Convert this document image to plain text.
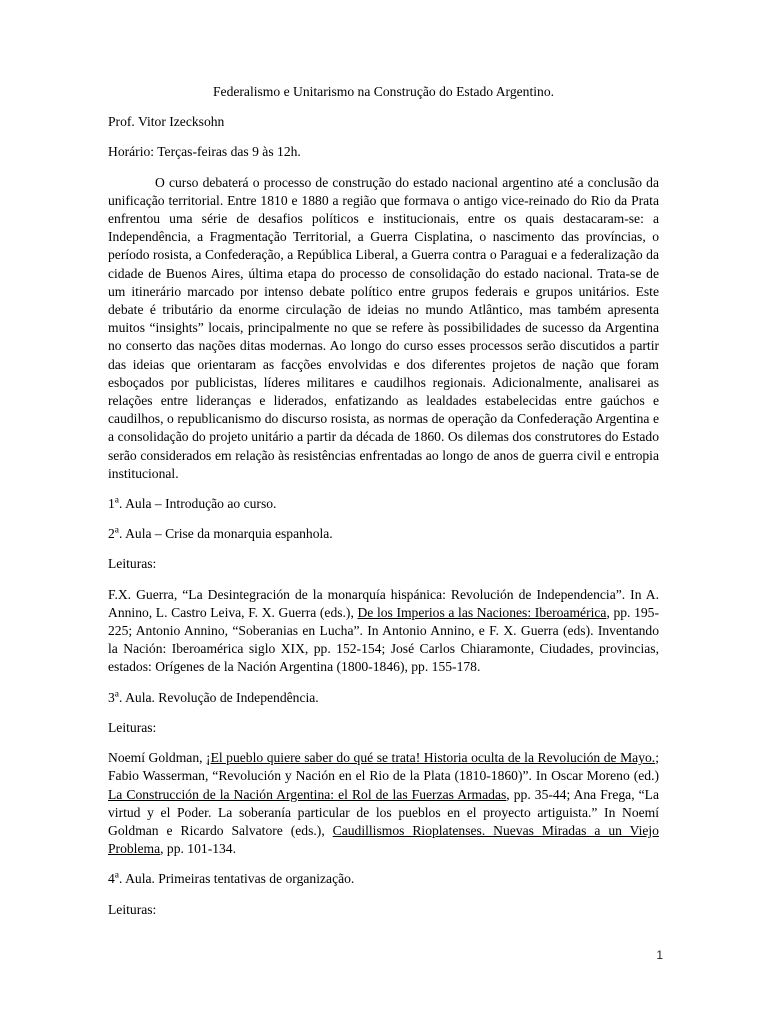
Federalismo e Unitarismo na Construção do Estado Argentino.

Prof. Vitor Izecksohn

Horário: Terças-feiras das 9 às 12h.

O curso debaterá o processo de construção do estado nacional argentino até a conclusão da unificação territorial. Entre 1810 e 1880 a região que formava o antigo vice-reinado do Rio da Prata enfrentou uma série de desafios políticos e institucionais, entre os quais destacaram-se: a Independência, a Fragmentação Territorial, a Guerra Cisplatina, o nascimento das províncias, o período rosista, a Confederação, a República Liberal, a Guerra contra o Paraguai e a federalização da cidade de Buenos Aires, última etapa do processo de consolidação do estado nacional. Trata-se de um itinerário marcado por intenso debate político entre grupos federais e grupos unitários. Este debate é tributário da enorme circulação de ideias no mundo Atlântico, mas também apresenta muitos “insights” locais, principalmente no que se refere às possibilidades de sucesso da Argentina no conserto das nações ditas modernas. Ao longo do curso esses processos serão discutidos a partir das ideias que orientaram as facções envolvidas e dos diferentes projetos de nação que foram esboçados por publicistas, líderes militares e caudilhos regionais. Adicionalmente, analisarei as relações entre lideranças e liderados, enfatizando as lealdades estabelecidas entre gaúchos e caudilhos, o republicanismo do discurso rosista, as normas de operação da Confederação Argentina e a consolidação do projeto unitário a partir da década de 1860. Os dilemas dos construtores do Estado serão considerados em relação às resistências enfrentadas ao longo de anos de guerra civil e entropia institucional.

1$^a$. Aula – Introdução ao curso.

2$^a$. Aula – Crise da monarquia espanhola.

Leituras:

F.X. Guerra, “La Desintegración de la monarquía hispánica: Revolución de Independencia”. In A. Annino, L. Castro Leiva, F. X. Guerra (eds.), De los Imperios a las Naciones: Iberoamérica, pp. 195-225; Antonio Annino, “Soberanias en Lucha”. In Antonio Annino, e F. X. Guerra (eds). Inventando la Nación: Iberoamérica siglo XIX, pp. 152-154; José Carlos Chiaramonte, Ciudades, provincias, estados: Orígenes de la Nación Argentina (1800-1846), pp. 155-178.

3$^a$. Aula. Revolução de Independência.

Leituras:

Noemí Goldman, ¡El pueblo quiere saber do qué se trata! Historia oculta de la Revolución de Mayo.; Fabio Wasserman, “Revolución y Nación en el Rio de la Plata (1810-1860)”. In Oscar Moreno (ed.) La Construcción de la Nación Argentina: el Rol de las Fuerzas Armadas, pp. 35-44; Ana Frega, “La virtud y el Poder. La soberanía particular de los pueblos en el proyecto artiguista.” In Noemí Goldman e Ricardo Salvatore (eds.), Caudillismos Rioplatenses. Nuevas Miradas a un Viejo Problema, pp. 101-134.

4$^a$. Aula. Primeiras tentativas de organização.

Leituras:

1
